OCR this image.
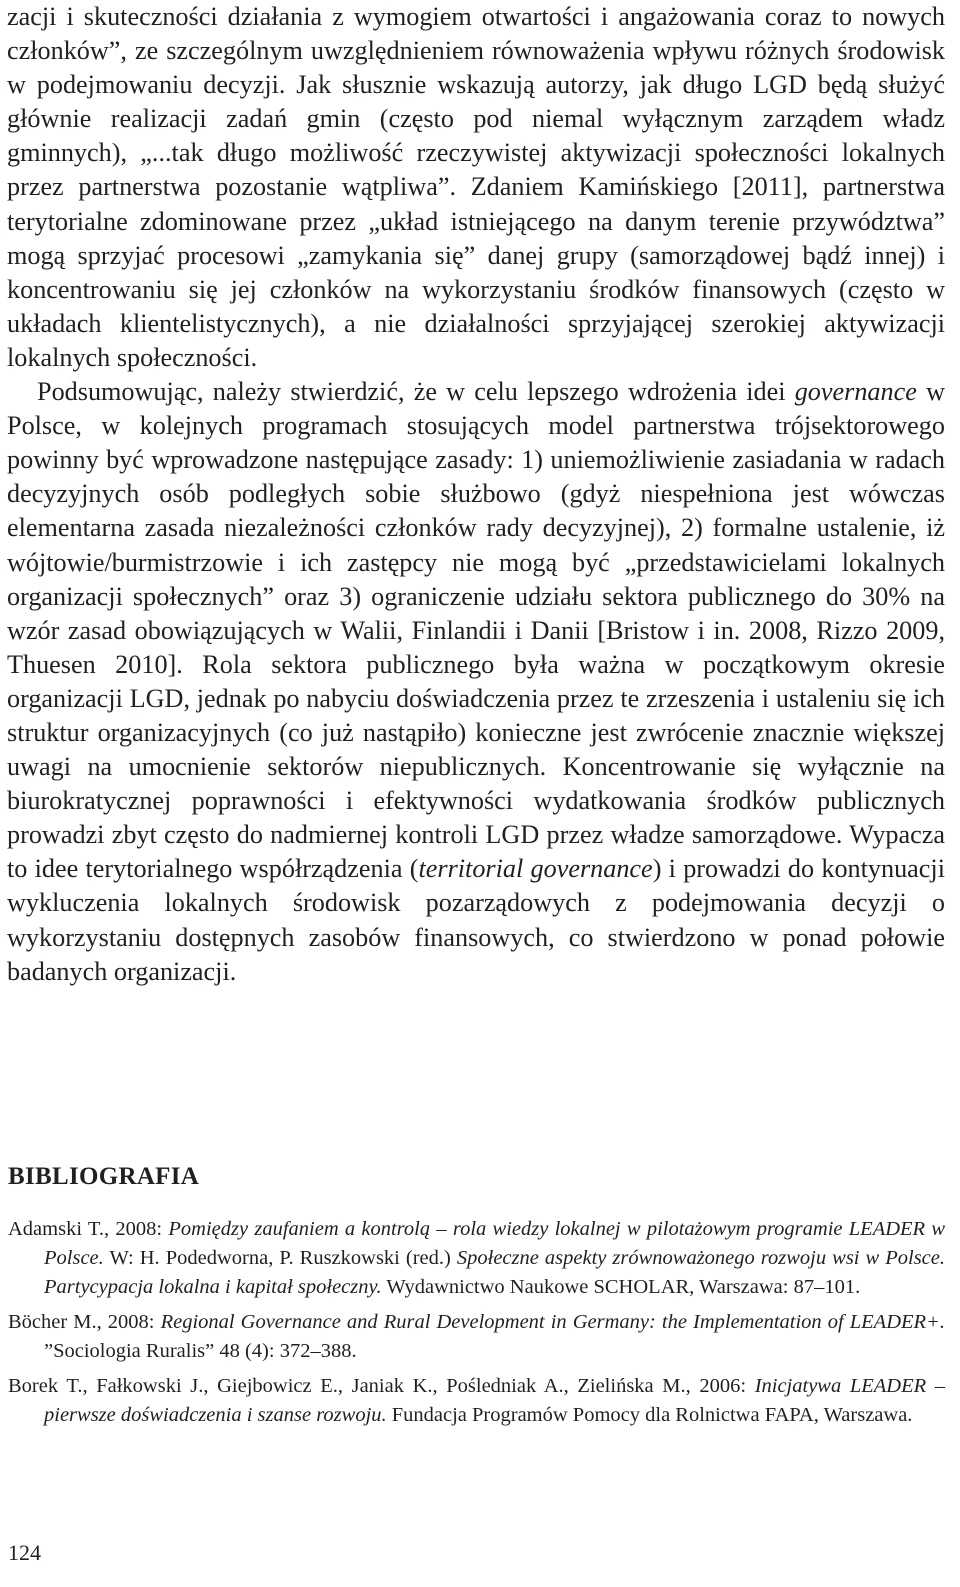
zacji i skuteczności działania z wymogiem otwartości i angażowania coraz to nowych członków”, ze szczególnym uwzględnieniem równoważenia wpływu różnych środowisk w podejmowaniu decyzji. Jak słusznie wskazują autorzy, jak długo LGD będą służyć głównie realizacji zadań gmin (często pod niemal wyłącznym zarządem władz gminnych), „...tak długo możliwość rzeczywistej aktywizacji społeczności lokalnych przez partnerstwa pozostanie wątpliwa”. Zdaniem Kamińskiego [2011], partnerstwa terytorialne zdominowane przez „układ istniejącego na danym terenie przywództwa” mogą sprzyjać procesowi „zamykania się” danej grupy (samorządowej bądź innej) i koncentrowaniu się jej członków na wykorzystaniu środków finansowych (często w układach klientelistycznych), a nie działalności sprzyjającej szerokiej aktywizacji lokalnych społeczności.

Podsumowując, należy stwierdzić, że w celu lepszego wdrożenia idei governance w Polsce, w kolejnych programach stosujących model partnerstwa trójsektorowego powinny być wprowadzone następujące zasady: 1) uniemożliwienie zasiadania w radach decyzyjnych osób podległych sobie służbowo (gdyż niespełniona jest wówczas elementarna zasada niezależności członków rady decyzyjnej), 2) formalne ustalenie, iż wójtowie/burmistrzowie i ich zastępcy nie mogą być „przedstawicielami lokalnych organizacji społecznych” oraz 3) ograniczenie udziału sektora publicznego do 30% na wzór zasad obowiązujących w Walii, Finlandii i Danii [Bristow i in. 2008, Rizzo 2009, Thuesen 2010]. Rola sektora publicznego była ważna w początkowym okresie organizacji LGD, jednak po nabyciu doświadczenia przez te zrzeszenia i ustaleniu się ich struktur organizacyjnych (co już nastąpiło) konieczne jest zwrócenie znacznie większej uwagi na umocnienie sektorów niepublicznych. Koncentrowanie się wyłącznie na biurokratycznej poprawności i efektywności wydatkowania środków publicznych prowadzi zbyt często do nadmiernej kontroli LGD przez władze samorządowe. Wypacza to idee terytorialnego współrządzenia (territorial governance) i prowadzi do kontynuacji wykluczenia lokalnych środowisk pozarządowych z podejmowania decyzji o wykorzystaniu dostępnych zasobów finansowych, co stwierdzono w ponad połowie badanych organizacji.

BIBLIOGRAFIA

Adamski T., 2008: Pomiędzy zaufaniem a kontrolą – rola wiedzy lokalnej w pilotażowym programie LEADER w Polsce. W: H. Podedworna, P. Ruszkowski (red.) Społeczne aspekty zrównoważonego rozwoju wsi w Polsce. Partycypacja lokalna i kapitał społeczny. Wydawnictwo Naukowe SCHOLAR, Warszawa: 87–101.

Böcher M., 2008: Regional Governance and Rural Development in Germany: the Implementation of LEADER+. ”Sociologia Ruralis” 48 (4): 372–388.

Borek T., Fałkowski J., Giejbowicz E., Janiak K., Pośledniak A., Zielińska M., 2006: Inicjatywa LEADER – pierwsze doświadczenia i szanse rozwoju. Fundacja Programów Pomocy dla Rolnictwa FAPA, Warszawa.

124
